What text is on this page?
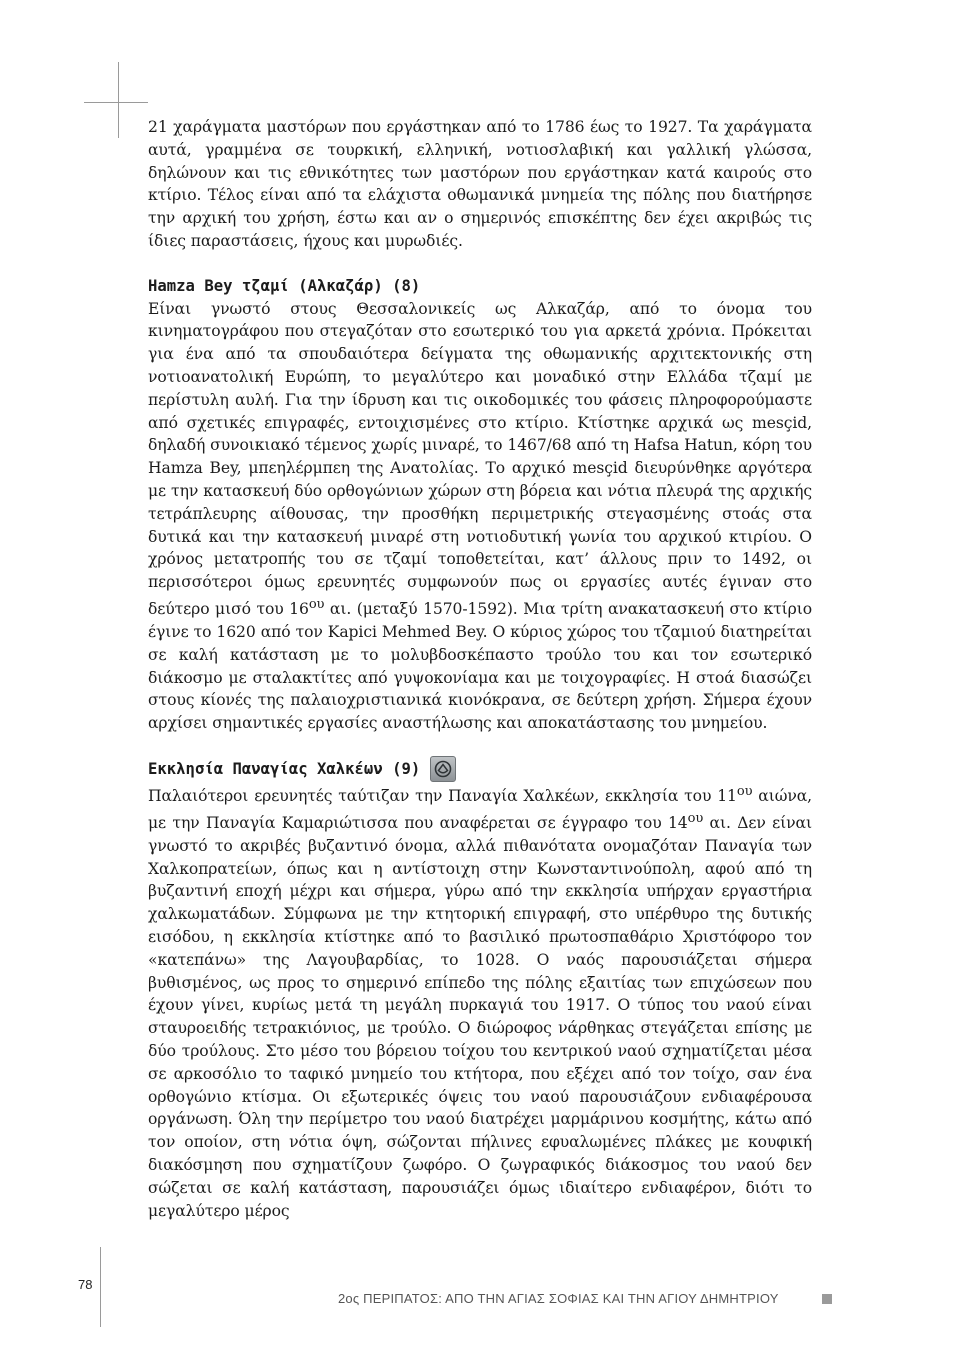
21 χαράγματα μαστόρων που εργάστηκαν από το 1786 έως το 1927. Τα χαράγματα αυτά, γραμμένα σε τουρκική, ελληνική, νοτιοσλαβική και γαλλική γλώσσα, δηλώνουν και τις εθνικότητες των μαστόρων που εργάστηκαν κατά καιρούς στο κτίριο. Τέλος είναι από τα ελάχιστα οθωμανικά μνημεία της πόλης που διατήρησε την αρχική του χρήση, έστω και αν ο σημερινός επισκέπτης δεν έχει ακριβώς τις ίδιες παραστάσεις, ήχους και μυρωδιές.

Hamza Bey τζαμί (Αλκαζάρ) (8)

Είναι γνωστό στους Θεσσαλονικείς ως Αλκαζάρ, από το όνομα του κινηματογράφου που στεγαζόταν στο εσωτερικό του για αρκετά χρόνια. Πρόκειται για ένα από τα σπουδαιότερα δείγματα της οθωμανικής αρχιτεκτονικής στη νοτιοανατολική Ευρώπη, το μεγαλύτερο και μοναδικό στην Ελλάδα τζαμί με περίστυλη αυλή. Για την ίδρυση και τις οικοδομικές του φάσεις πληροφορούμαστε από σχετικές επιγραφές, εντοιχισμένες στο κτίριο. Κτίστηκε αρχικά ως mesçid, δηλαδή συνοικιακό τέμενος χωρίς μιναρέ, το 1467/68 από τη Hafsa Hatun, κόρη του Hamza Bey, μπεηλέρμπεη της Ανατολίας. Το αρχικό mesçid διευρύνθηκε αργότερα με την κατασκευή δύο ορθογώνιων χώρων στη βόρεια και νότια πλευρά της αρχικής τετράπλευρης αίθουσας, την προσθήκη περιμετρικής στεγασμένης στοάς στα δυτικά και την κατασκευή μιναρέ στη νοτιοδυτική γωνία του αρχικού κτιρίου. Ο χρόνος μετατροπής του σε τζαμί τοποθετείται, κατ’ άλλους πριν το 1492, οι περισσότεροι όμως ερευνητές συμφωνούν πως οι εργασίες αυτές έγιναν στο δεύτερο μισό του $16^{o\upsilon}$ αι. (μεταξύ 1570-1592). Μια τρίτη ανακατασκευή στο κτίριο έγινε το 1620 από τον Kapici Mehmed Bey. Ο κύριος χώρος του τζαμιού διατηρείται σε καλή κατάσταση με το μολυβδοσκέπαστο τρούλο του και τον εσωτερικό διάκοσμο με σταλακτίτες από γυψοκονίαμα και με τοιχογραφίες. Η στοά διασώζει στους κίονές της παλαιοχριστιανικά κιονόκρανα, σε δεύτερη χρήση. Σήμερα έχουν αρχίσει σημαντικές εργασίες αναστήλωσης και αποκατάστασης του μνημείου.

Εκκλησία Παναγίας Χαλκέων (9)

Παλαιότεροι ερευνητές ταύτιζαν την Παναγία Χαλκέων, εκκλησία του $11^{o\upsilon}$ αιώνα, με την Παναγία Καμαριώτισσα που αναφέρεται σε έγγραφο του $14^{o\upsilon}$ αι. Δεν είναι γνωστό το ακριβές βυζαντινό όνομα, αλλά πιθανότατα ονομαζόταν Παναγία των Χαλκοπρατείων, όπως και η αντίστοιχη στην Κωνσταντινούπολη, αφού από τη βυζαντινή εποχή μέχρι και σήμερα, γύρω από την εκκλησία υπήρχαν εργαστήρια χαλκωματάδων. Σύμφωνα με την κτητορική επιγραφή, στο υπέρθυρο της δυτικής εισόδου, η εκκλησία κτίστηκε από το βασιλικό πρωτοσπαθάριο Χριστόφορο τον «κατεπάνω» της Λαγουβαρδίας, το 1028. Ο ναός παρουσιάζεται σήμερα βυθισμένος, ως προς το σημερινό επίπεδο της πόλης εξαιτίας των επιχώσεων που έχουν γίνει, κυρίως μετά τη μεγάλη πυρκαγιά του 1917. Ο τύπος του ναού είναι σταυροειδής τετρακιόνιος, με τρούλο. Ο διώροφος νάρθηκας στεγάζεται επίσης με δύο τρούλους. Στο μέσο του βόρειου τοίχου του κεντρικού ναού σχηματίζεται μέσα σε αρκοσόλιο το ταφικό μνημείο του κτήτορα, που εξέχει από τον τοίχο, σαν ένα ορθογώνιο κτίσμα. Οι εξωτερικές όψεις του ναού παρουσιάζουν ενδιαφέρουσα οργάνωση. Όλη την περίμετρο του ναού διατρέχει μαρμάρινου κοσμήτης, κάτω από τον οποίον, στη νότια όψη, σώζονται πήλινες εφυαλωμένες πλάκες με κουφική διακόσμηση που σχηματίζουν ζωφόρο. Ο ζωγραφικός διάκοσμος του ναού δεν σώζεται σε καλή κατάσταση, παρουσιάζει όμως ιδιαίτερο ενδιαφέρον, διότι το μεγαλύτερο μέρος

78
2ος ΠΕΡΙΠΑΤΟΣ: ΑΠΟ ΤΗΝ ΑΓΙΑΣ ΣΟΦΙΑΣ ΚΑΙ ΤΗΝ ΑΓΙΟΥ ΔΗΜΗΤΡΙΟΥ
